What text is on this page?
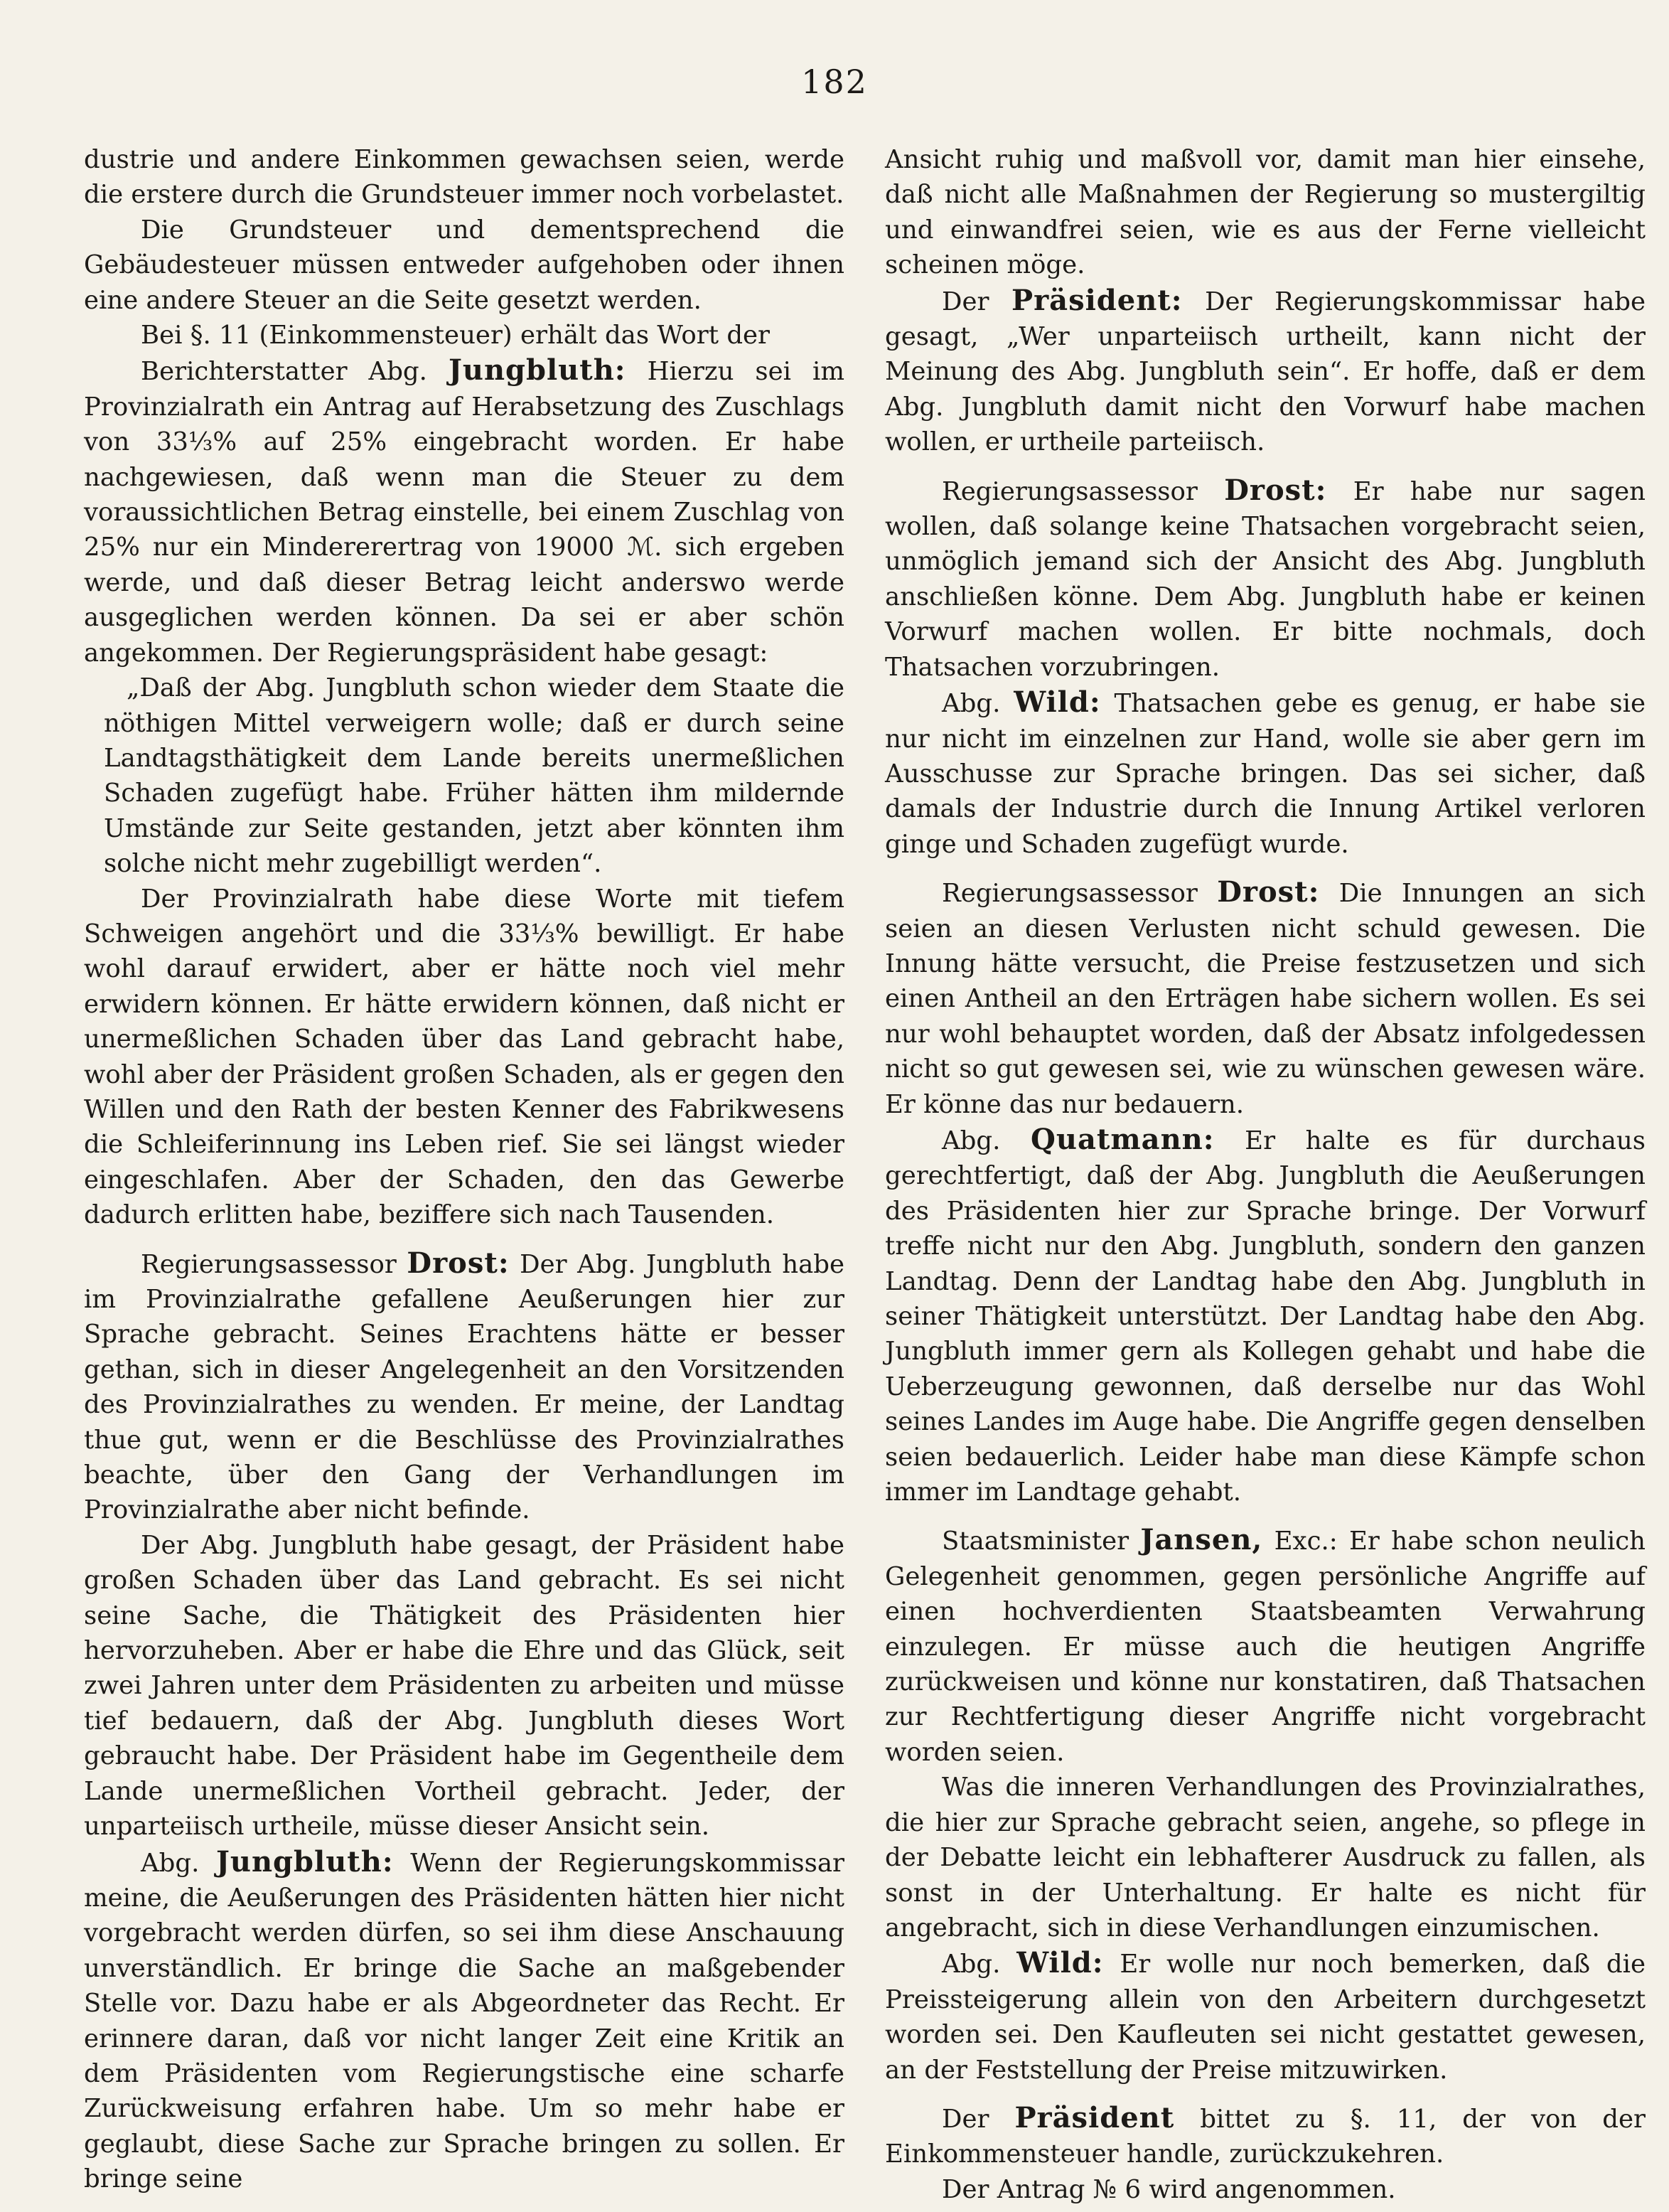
182

dustrie und andere Einkommen gewachsen seien, werde die erstere durch die Grundsteuer immer noch vorbelastet.

Die Grundsteuer und dementsprechend die Gebäudesteuer müssen entweder aufgehoben oder ihnen eine andere Steuer an die Seite gesetzt werden.

Bei §. 11 (Einkommensteuer) erhält das Wort der

Berichterstatter Abg. Jungbluth: Hierzu sei im Provinzialrath ein Antrag auf Herabsetzung des Zuschlags von 33⅓% auf 25% eingebracht worden. Er habe nachgewiesen, daß wenn man die Steuer zu dem voraussichtlichen Betrag einstelle, bei einem Zuschlag von 25% nur ein Mindererertrag von 19000 ℳ. sich ergeben werde, und daß dieser Betrag leicht anderswo werde ausgeglichen werden können. Da sei er aber schön angekommen. Der Regierungspräsident habe gesagt:

„Daß der Abg. Jungbluth schon wieder dem Staate die nöthigen Mittel verweigern wolle; daß er durch seine Landtagsthätigkeit dem Lande bereits unermeßlichen Schaden zugefügt habe. Früher hätten ihm mildernde Umstände zur Seite gestanden, jetzt aber könnten ihm solche nicht mehr zugebilligt werden“.

Der Provinzialrath habe diese Worte mit tiefem Schweigen angehört und die 33⅓% bewilligt. Er habe wohl darauf erwidert, aber er hätte noch viel mehr erwidern können. Er hätte erwidern können, daß nicht er unermeßlichen Schaden über das Land gebracht habe, wohl aber der Präsident großen Schaden, als er gegen den Willen und den Rath der besten Kenner des Fabrikwesens die Schleiferinnung ins Leben rief. Sie sei längst wieder eingeschlafen. Aber der Schaden, den das Gewerbe dadurch erlitten habe, beziffere sich nach Tausenden.

Regierungsassessor Drost: Der Abg. Jungbluth habe im Provinzialrathe gefallene Aeußerungen hier zur Sprache gebracht. Seines Erachtens hätte er besser gethan, sich in dieser Angelegenheit an den Vorsitzenden des Provinzialrathes zu wenden. Er meine, der Landtag thue gut, wenn er die Beschlüsse des Provinzialrathes beachte, über den Gang der Verhandlungen im Provinzialrathe aber nicht befinde.

Der Abg. Jungbluth habe gesagt, der Präsident habe großen Schaden über das Land gebracht. Es sei nicht seine Sache, die Thätigkeit des Präsidenten hier hervorzuheben. Aber er habe die Ehre und das Glück, seit zwei Jahren unter dem Präsidenten zu arbeiten und müsse tief bedauern, daß der Abg. Jungbluth dieses Wort gebraucht habe. Der Präsident habe im Gegentheile dem Lande unermeßlichen Vortheil gebracht. Jeder, der unparteiisch urtheile, müsse dieser Ansicht sein.

Abg. Jungbluth: Wenn der Regierungskommissar meine, die Aeußerungen des Präsidenten hätten hier nicht vorgebracht werden dürfen, so sei ihm diese Anschauung unverständlich. Er bringe die Sache an maßgebender Stelle vor. Dazu habe er als Abgeordneter das Recht. Er erinnere daran, daß vor nicht langer Zeit eine Kritik an dem Präsidenten vom Regierungstische eine scharfe Zurückweisung erfahren habe. Um so mehr habe er geglaubt, diese Sache zur Sprache bringen zu sollen. Er bringe seine

Ansicht ruhig und maßvoll vor, damit man hier einsehe, daß nicht alle Maßnahmen der Regierung so mustergiltig und einwandfrei seien, wie es aus der Ferne vielleicht scheinen möge.

Der Präsident: Der Regierungskommissar habe gesagt, „Wer unparteiisch urtheilt, kann nicht der Meinung des Abg. Jungbluth sein“. Er hoffe, daß er dem Abg. Jungbluth damit nicht den Vorwurf habe machen wollen, er urtheile parteiisch.

Regierungsassessor Drost: Er habe nur sagen wollen, daß solange keine Thatsachen vorgebracht seien, unmöglich jemand sich der Ansicht des Abg. Jungbluth anschließen könne. Dem Abg. Jungbluth habe er keinen Vorwurf machen wollen. Er bitte nochmals, doch Thatsachen vorzubringen.

Abg. Wild: Thatsachen gebe es genug, er habe sie nur nicht im einzelnen zur Hand, wolle sie aber gern im Ausschusse zur Sprache bringen. Das sei sicher, daß damals der Industrie durch die Innung Artikel verloren ginge und Schaden zugefügt wurde.

Regierungsassessor Drost: Die Innungen an sich seien an diesen Verlusten nicht schuld gewesen. Die Innung hätte versucht, die Preise festzusetzen und sich einen Antheil an den Erträgen habe sichern wollen. Es sei nur wohl behauptet worden, daß der Absatz infolgedessen nicht so gut gewesen sei, wie zu wünschen gewesen wäre. Er könne das nur bedauern.

Abg. Quatmann: Er halte es für durchaus gerechtfertigt, daß der Abg. Jungbluth die Aeußerungen des Präsidenten hier zur Sprache bringe. Der Vorwurf treffe nicht nur den Abg. Jungbluth, sondern den ganzen Landtag. Denn der Landtag habe den Abg. Jungbluth in seiner Thätigkeit unterstützt. Der Landtag habe den Abg. Jungbluth immer gern als Kollegen gehabt und habe die Ueberzeugung gewonnen, daß derselbe nur das Wohl seines Landes im Auge habe. Die Angriffe gegen denselben seien bedauerlich. Leider habe man diese Kämpfe schon immer im Landtage gehabt.

Staatsminister Jansen, Exc.: Er habe schon neulich Gelegenheit genommen, gegen persönliche Angriffe auf einen hochverdienten Staatsbeamten Verwahrung einzulegen. Er müsse auch die heutigen Angriffe zurückweisen und könne nur konstatiren, daß Thatsachen zur Rechtfertigung dieser Angriffe nicht vorgebracht worden seien.

Was die inneren Verhandlungen des Provinzialrathes, die hier zur Sprache gebracht seien, angehe, so pflege in der Debatte leicht ein lebhafterer Ausdruck zu fallen, als sonst in der Unterhaltung. Er halte es nicht für angebracht, sich in diese Verhandlungen einzumischen.

Abg. Wild: Er wolle nur noch bemerken, daß die Preissteigerung allein von den Arbeitern durchgesetzt worden sei. Den Kaufleuten sei nicht gestattet gewesen, an der Feststellung der Preise mitzuwirken.

Der Präsident bittet zu §. 11, der von der Einkommensteuer handle, zurückzukehren.

Der Antrag № 6 wird angenommen.
